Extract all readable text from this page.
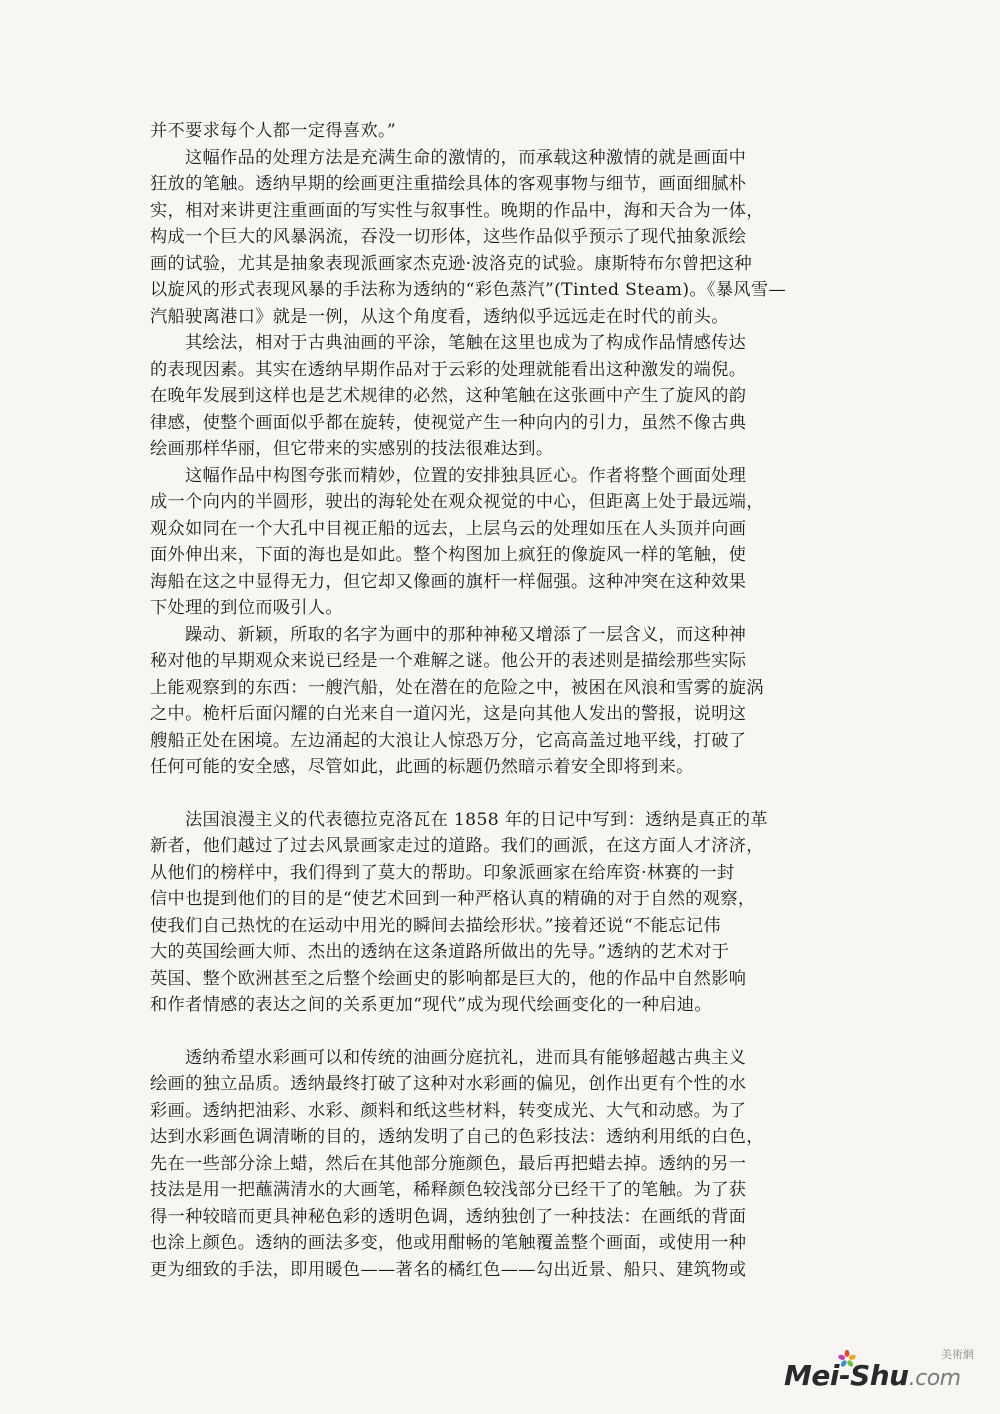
并不要求每个人都一定得喜欢。”
这幅作品的处理方法是充满生命的激情的，而承载这种激情的就是画面中
狂放的笔触。透纳早期的绘画更注重描绘具体的客观事物与细节，画面细腻朴
实，相对来讲更注重画面的写实性与叙事性。晚期的作品中，海和天合为一体，
构成一个巨大的风暴涡流，吞没一切形体，这些作品似乎预示了现代抽象派绘
画的试验，尤其是抽象表现派画家杰克逊·波洛克的试验。康斯特布尔曾把这种
以旋风的形式表现风暴的手法称为透纳的“彩色蒸汽”(Tinted Steam)。《暴风雪—
汽船驶离港口》就是一例，从这个角度看，透纳似乎远远走在时代的前头。
其绘法，相对于古典油画的平涂，笔触在这里也成为了构成作品情感传达
的表现因素。其实在透纳早期作品对于云彩的处理就能看出这种激发的端倪。
在晚年发展到这样也是艺术规律的必然，这种笔触在这张画中产生了旋风的韵
律感，使整个画面似乎都在旋转，使视觉产生一种向内的引力，虽然不像古典
绘画那样华丽，但它带来的实感别的技法很难达到。
这幅作品中构图夸张而精妙，位置的安排独具匠心。作者将整个画面处理
成一个向内的半圆形，驶出的海轮处在观众视觉的中心，但距离上处于最远端，
观众如同在一个大孔中目视正船的远去，上层乌云的处理如压在人头顶并向画
面外伸出来，下面的海也是如此。整个构图加上疯狂的像旋风一样的笔触，使
海船在这之中显得无力，但它却又像画的旗杆一样倔强。这种冲突在这种效果
下处理的到位而吸引人。
躁动、新颖，所取的名字为画中的那种神秘又增添了一层含义，而这种神
秘对他的早期观众来说已经是一个难解之谜。他公开的表述则是描绘那些实际
上能观察到的东西：一艘汽船，处在潜在的危险之中，被困在风浪和雪雾的旋涡
之中。桅杆后面闪耀的白光来自一道闪光，这是向其他人发出的警报，说明这
艘船正处在困境。左边涌起的大浪让人惊恐万分，它高高盖过地平线，打破了
任何可能的安全感，尽管如此，此画的标题仍然暗示着安全即将到来。
法国浪漫主义的代表德拉克洛瓦在 1858 年的日记中写到：透纳是真正的革
新者，他们越过了过去风景画家走过的道路。我们的画派，在这方面人才济济，
从他们的榜样中，我们得到了莫大的帮助。印象派画家在给库资·林赛的一封
信中也提到他们的目的是“使艺术回到一种严格认真的精确的对于自然的观察，
使我们自己热忱的在运动中用光的瞬间去描绘形状。”接着还说“不能忘记伟
大的英国绘画大师、杰出的透纳在这条道路所做出的先导。”透纳的艺术对于
英国、整个欧洲甚至之后整个绘画史的影响都是巨大的，他的作品中自然影响
和作者情感的表达之间的关系更加“现代”成为现代绘画变化的一种启迪。
透纳希望水彩画可以和传统的油画分庭抗礼，进而具有能够超越古典主义
绘画的独立品质。透纳最终打破了这种对水彩画的偏见，创作出更有个性的水
彩画。透纳把油彩、水彩、颜料和纸这些材料，转变成光、大气和动感。为了
达到水彩画色调清晰的目的，透纳发明了自己的色彩技法：透纳利用纸的白色，
先在一些部分涂上蜡，然后在其他部分施颜色，最后再把蜡去掉。透纳的另一
技法是用一把蘸满清水的大画笔，稀释颜色较浅部分已经干了的笔触。为了获
得一种较暗而更具神秘色彩的透明色调，透纳独创了一种技法：在画纸的背面
也涂上颜色。透纳的画法多变，他或用酣畅的笔触覆盖整个画面，或使用一种
更为细致的手法，即用暖色——著名的橘红色——勾出近景、船只、建筑物或
Mei-Shu.com
美術網
